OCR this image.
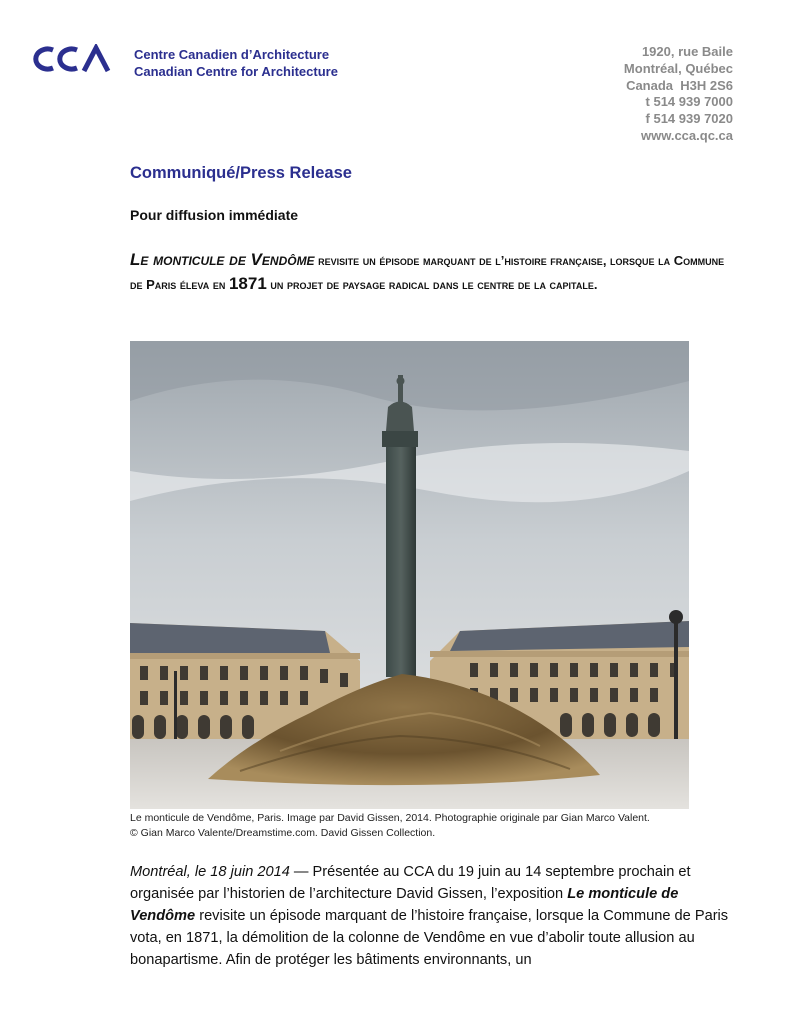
Centre Canadien d’Architecture
Canadian Centre for Architecture
1920, rue Baile
Montréal, Québec
Canada  H3H 2S6
t 514 939 7000
f 514 939 7020
www.cca.qc.ca
Communiqué/Press Release
Pour diffusion immédiate
Le monticule de Vendôme revisite un épisode marquant de l’histoire française, lorsque la Commune de Paris éleva en 1871 un projet de paysage radical dans le centre de la capitale.
Le monticule de Vendôme, Paris. Image par David Gissen, 2014. Photographie originale par Gian Marco Valent.
© Gian Marco Valente/Dreamstime.com. David Gissen Collection.

Montréal, le 18 juin 2014 — Présentée au CCA du 19 juin au 14 septembre prochain et organisée par l’historien de l’architecture David Gissen, l’exposition Le monticule de Vendôme revisite un épisode marquant de l’histoire française, lorsque la Commune de Paris vota, en 1871, la démolition de la colonne de Vendôme en vue d’abolir toute allusion au bonapartisme. Afin de protéger les bâtiments environnants, un
